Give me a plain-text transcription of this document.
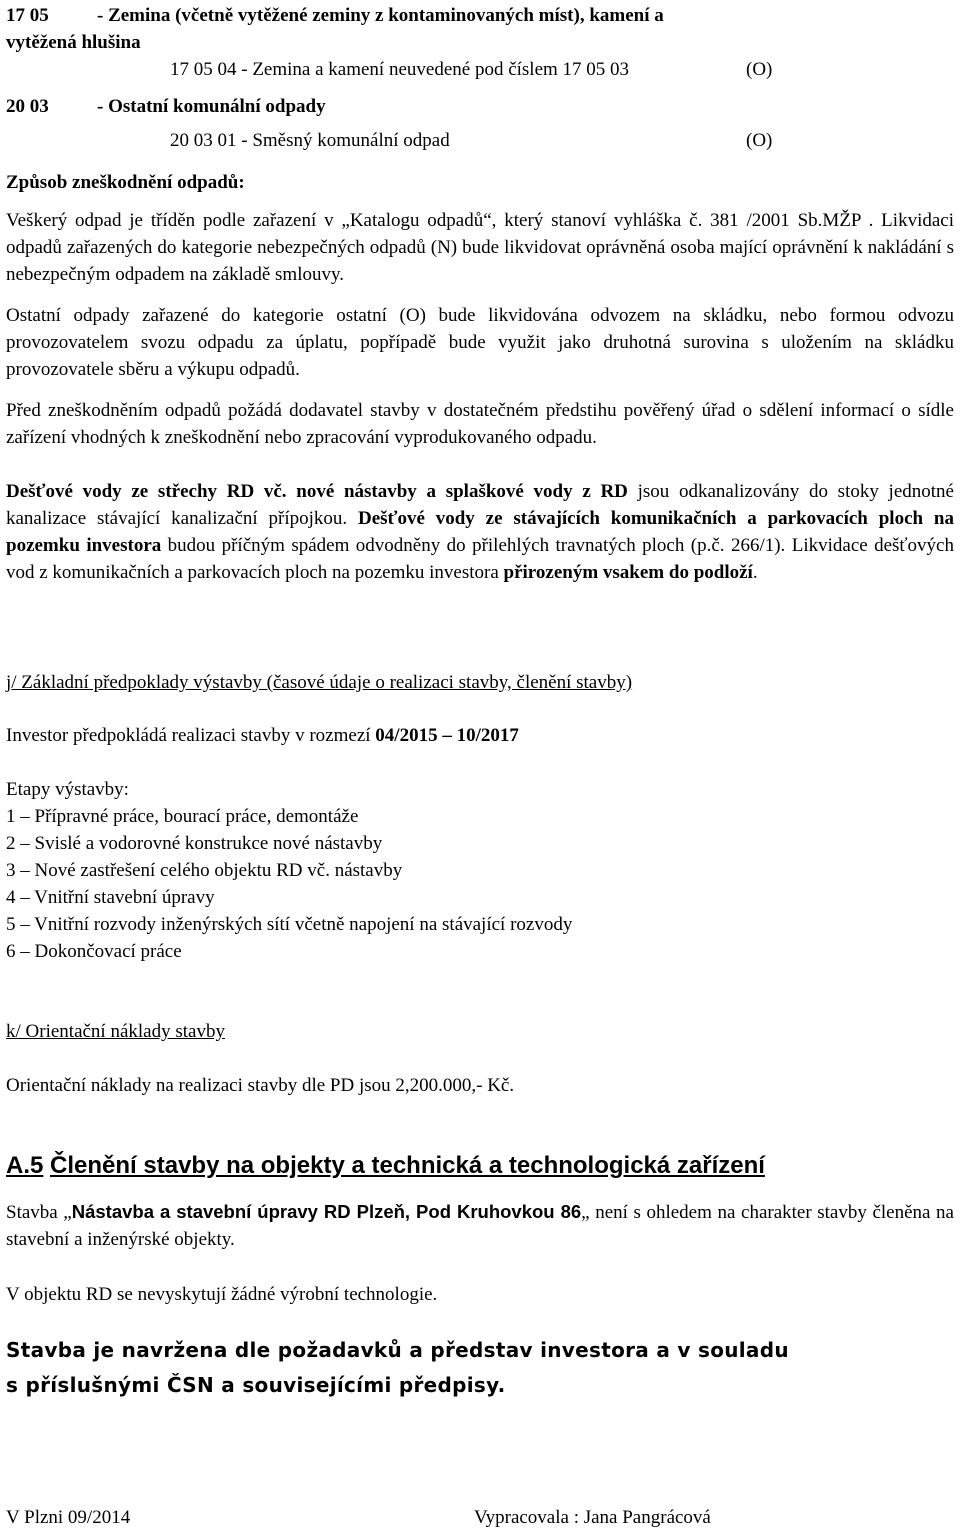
17 05	- Zemina (včetně vytěžené zeminy z kontaminovaných míst), kamení a
vytěžená hlušina
17 05 04 - Zemina a kamení neuvedené pod číslem 17 05 03	(O)
20 03	- Ostatní komunální odpady
20 03 01 - Směsný komunální odpad	(O)
Způsob zneškodnění odpadů:
Veškerý odpad je tříděn podle zařazení v „Katalogu odpadů“, který stanoví vyhláška č. 381 /2001 Sb.MŽP . Likvidaci odpadů zařazených do kategorie nebezpečných odpadů (N) bude likvidovat oprávněná osoba mající oprávnění k nakládání s nebezpečným odpadem na základě smlouvy.
Ostatní odpady zařazené do kategorie ostatní (O) bude likvidována odvozem na skládku, nebo formou odvozu provozovatelem svozu odpadu za úplatu, popřípadě bude využit jako druhotná surovina s uložením na skládku provozovatele sběru a výkupu odpadů.
Před zneškodněním odpadů požádá dodavatel stavby v dostatečném předstihu pověřený úřad o sdělení informací o sídle zařízení vhodných k zneškodnění nebo zpracování vyprodukovaného odpadu.
Dešťové vody ze střechy RD vč. nové nástavby a splaškové vody z RD jsou odkanalizovány do stoky jednotné kanalizace stávající kanalizační přípojkou. Dešťové vody ze stávajících komunikačních a parkovacích ploch na pozemku investora budou příčným spádem odvodněny do přilehlých travnatých ploch (p.č. 266/1). Likvidace dešťových vod z komunikačních a parkovacích ploch na pozemku investora přirozeným vsakem do podloží.
j/ Základní předpoklady výstavby (časové údaje o realizaci stavby, členění stavby)
Investor předpokládá realizaci stavby v rozmezí 04/2015 – 10/2017
Etapy výstavby:
1 – Přípravné práce, bourací práce, demontáže
2 – Svislé a vodorovné konstrukce nové nástavby
3 – Nové zastřešení celého objektu RD vč. nástavby
4 – Vnitřní stavební úpravy
5 – Vnitřní rozvody inženýrských sítí včetně napojení na stávající rozvody
6 – Dokončovací práce
k/ Orientační náklady stavby
Orientační náklady na realizaci stavby dle PD jsou 2,200.000,- Kč.
A.5 Členění stavby na objekty a technická a technologická zařízení
Stavba „Nástavba a stavební úpravy RD Plzeň, Pod Kruhovkou 86„ není s ohledem na charakter stavby členěna na stavební a inženýrské objekty.
V objektu RD se nevyskytují žádné výrobní technologie.
Stavba je navržena dle požadavků a představ investora a v souladu
s příslušnými ČSN a souvisejícími předpisy.
V Plzni 09/2014	Vypracovala : Jana Pangrácová
